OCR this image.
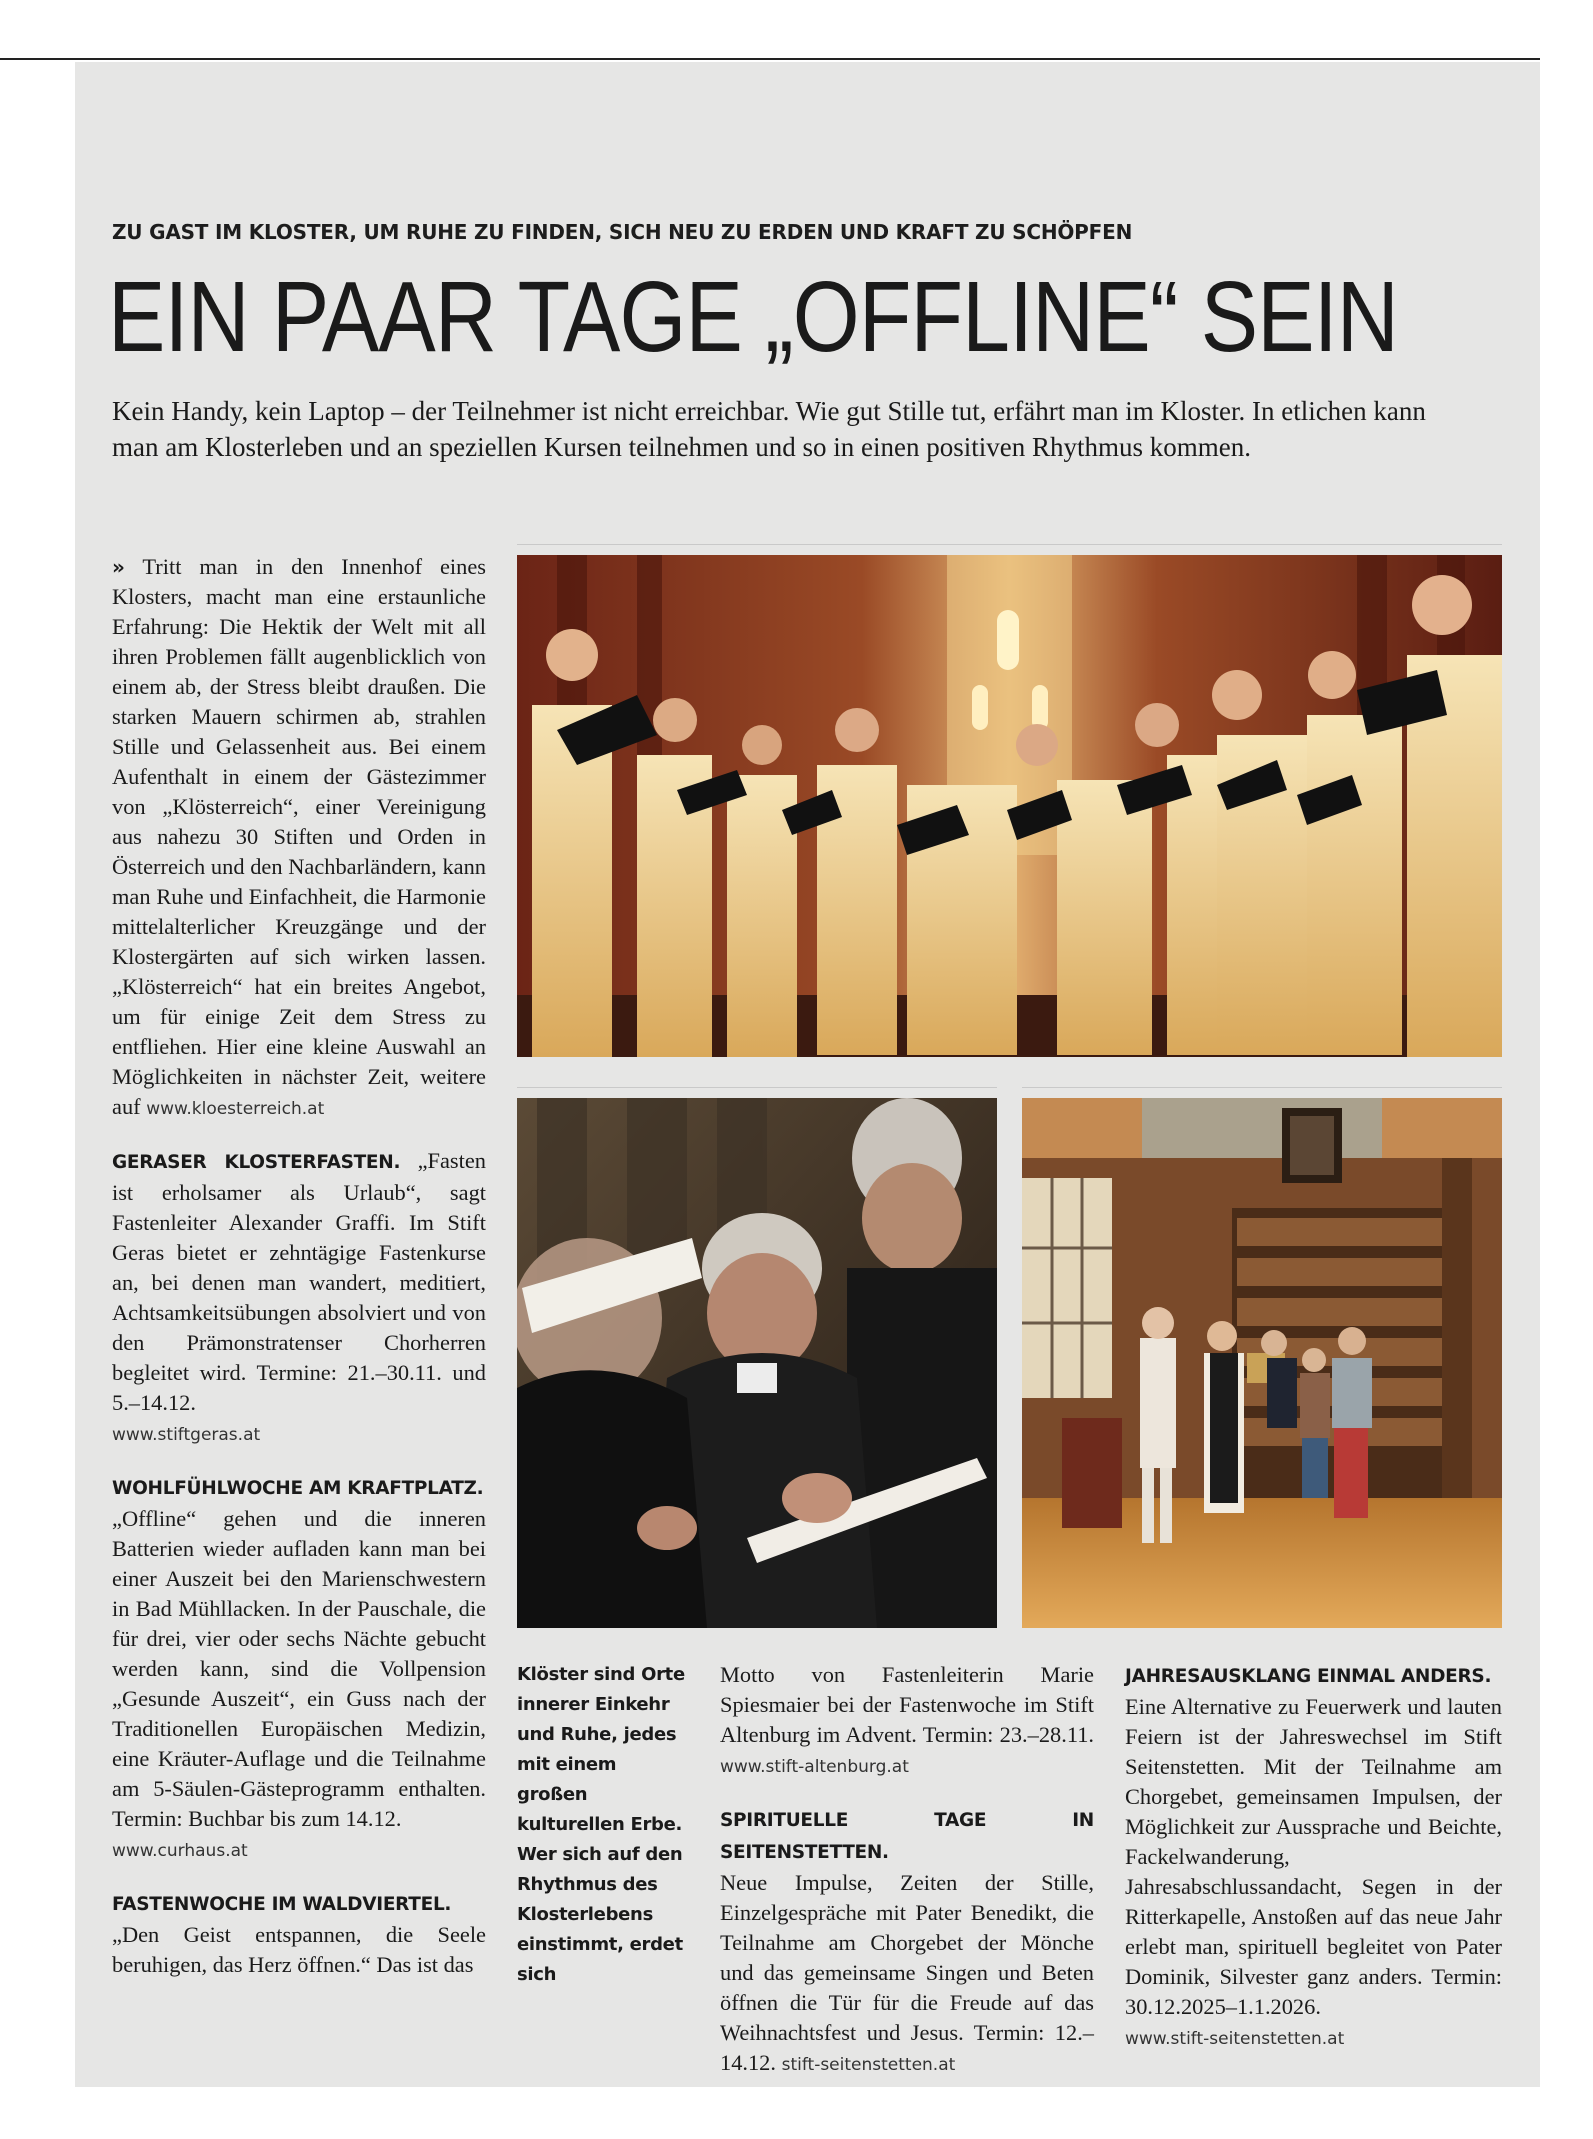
ZU GAST IM KLOSTER, UM RUHE ZU FINDEN, SICH NEU ZU ERDEN UND KRAFT ZU SCHÖPFEN
EIN PAAR TAGE „OFFLINE“ SEIN
Kein Handy, kein Laptop – der Teilnehmer ist nicht erreichbar. Wie gut Stille tut, erfährt man im Kloster. In etlichen kann man am Klosterleben und an speziellen Kursen teilnehmen und so in einen positiven Rhythmus kommen.

» Tritt man in den Innenhof eines Klosters, macht man eine erstaunliche Erfahrung: Die Hektik der Welt mit all ihren Problemen fällt augenblicklich von einem ab, der Stress bleibt draußen. Die starken Mauern schirmen ab, strahlen Stille und Gelassenheit aus. Bei einem Aufenthalt in einem der Gästezimmer von „Klösterreich“, einer Vereinigung aus nahezu 30 Stiften und Orden in Österreich und den Nachbarländern, kann man Ruhe und Einfachheit, die Harmonie mittelalterlicher Kreuzgänge und der Klostergärten auf sich wirken lassen. „Klösterreich“ hat ein breites Angebot, um für einige Zeit dem Stress zu entfliehen. Hier eine kleine Auswahl an Möglichkeiten in nächster Zeit, weitere auf www.kloesterreich.at

GERASER KLOSTERFASTEN. „Fasten ist erholsamer als Urlaub“, sagt Fastenleiter Alexander Graffi. Im Stift Geras bietet er zehntägige Fastenkurse an, bei denen man wandert, meditiert, Achtsamkeitsübungen absolviert und von den Prämonstratenser Chorherren begleitet wird. Termine: 21.–30.11. und 5.–14.12.
www.stiftgeras.at

WOHLFÜHLWOCHE AM KRAFTPLATZ.
„Offline“ gehen und die inneren Batterien wieder aufladen kann man bei einer Auszeit bei den Marienschwestern in Bad Mühllacken. In der Pauschale, die für drei, vier oder sechs Nächte gebucht werden kann, sind die Vollpension „Gesunde Auszeit“, ein Guss nach der Traditionellen Europäischen Medizin, eine Kräuter-Auflage und die Teilnahme am 5-Säulen-Gästeprogramm enthalten. Termin: Buchbar bis zum 14.12.
www.curhaus.at

FASTENWOCHE IM WALDVIERTEL.
„Den Geist entspannen, die Seele beruhigen, das Herz öffnen.“ Das ist das

Klöster sind Orte innerer Einkehr und Ruhe, jedes mit einem großen kulturellen Erbe. Wer sich auf den Rhythmus des Klosterlebens einstimmt, erdet sich

Motto von Fastenleiterin Marie Spiesmaier bei der Fastenwoche im Stift Altenburg im Advent. Termin: 23.–28.11. www.stift-altenburg.at

SPIRITUELLE TAGE IN SEITENSTETTEN.
Neue Impulse, Zeiten der Stille, Einzelgespräche mit Pater Benedikt, die Teilnahme am Chorgebet der Mönche und das gemeinsame Singen und Beten öffnen die Tür für die Freude auf das Weihnachtsfest und Jesus. Termin: 12.–14.12. stift-seitenstetten.at

JAHRESAUSKLANG EINMAL ANDERS.
Eine Alternative zu Feuerwerk und lauten Feiern ist der Jahreswechsel im Stift Seitenstetten. Mit der Teilnahme am Chorgebet, gemeinsamen Impulsen, der Möglichkeit zur Aussprache und Beichte, Fackelwanderung, Jahresabschlussandacht, Segen in der Ritterkapelle, Anstoßen auf das neue Jahr erlebt man, spirituell begleitet von Pater Dominik, Silvester ganz anders. Termin: 30.12.2025–1.1.2026.
www.stift-seitenstetten.at
